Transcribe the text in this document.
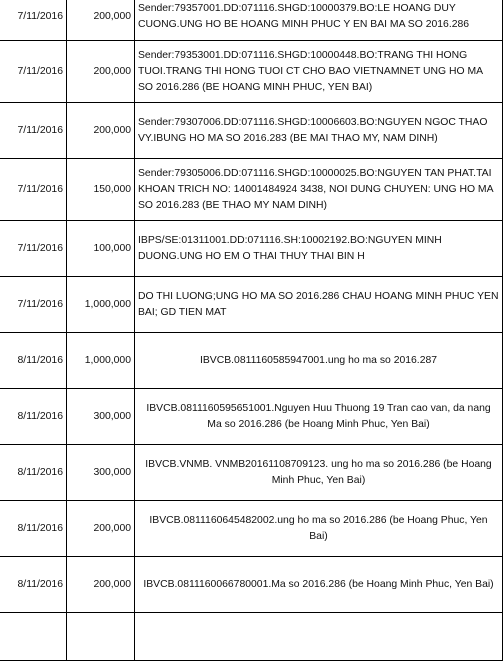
7/11/2016	200,000	Sender:79357001.DD:071116.SHGD:10000379.BO:LE HOANG DUY CUONG.UNG HO BE HOANG MINH PHUC Y EN BAI MA SO 2016.286
7/11/2016	200,000	Sender:79353001.DD:071116.SHGD:10000448.BO:TRANG THI HONG TUOI.TRANG THI HONG TUOI CT CHO BAO VIETNAMNET UNG HO MA SO 2016.286 (BE HOANG MINH PHUC, YEN BAI)
7/11/2016	200,000	Sender:79307006.DD:071116.SHGD:10006603.BO:NGUYEN NGOC THAO VY.IBUNG HO MA SO 2016.283 (BE MAI THAO MY, NAM DINH)
7/11/2016	150,000	Sender:79305006.DD:071116.SHGD:10000025.BO:NGUYEN TAN PHAT.TAI KHOAN TRICH NO: 14001484924 3438, NOI DUNG CHUYEN: UNG HO MA SO 2016.283 (BE THAO MY NAM DINH)
7/11/2016	100,000	IBPS/SE:01311001.DD:071116.SH:10002192.BO:NGUYEN MINH DUONG.UNG HO EM O THAI THUY THAI BIN H
7/11/2016	1,000,000	DO THI LUONG;UNG HO MA SO 2016.286 CHAU HOANG MINH PHUC YEN BAI; GD TIEN MAT
8/11/2016	1,000,000	IBVCB.0811160585947001.ung ho ma so 2016.287
8/11/2016	300,000	IBVCB.0811160595651001.Nguyen Huu Thuong 19 Tran cao van, da nang Ma so 2016.286 (be Hoang Minh Phuc, Yen Bai)
8/11/2016	300,000	IBVCB.VNMB. VNMB20161108709123. ung ho ma so 2016.286 (be Hoang Minh Phuc, Yen Bai)
8/11/2016	200,000	IBVCB.0811160645482002.ung ho ma so 2016.286 (be Hoang Phuc, Yen Bai)
8/11/2016	200,000	IBVCB.0811160066780001.Ma so 2016.286 (be Hoang Minh Phuc, Yen Bai)
